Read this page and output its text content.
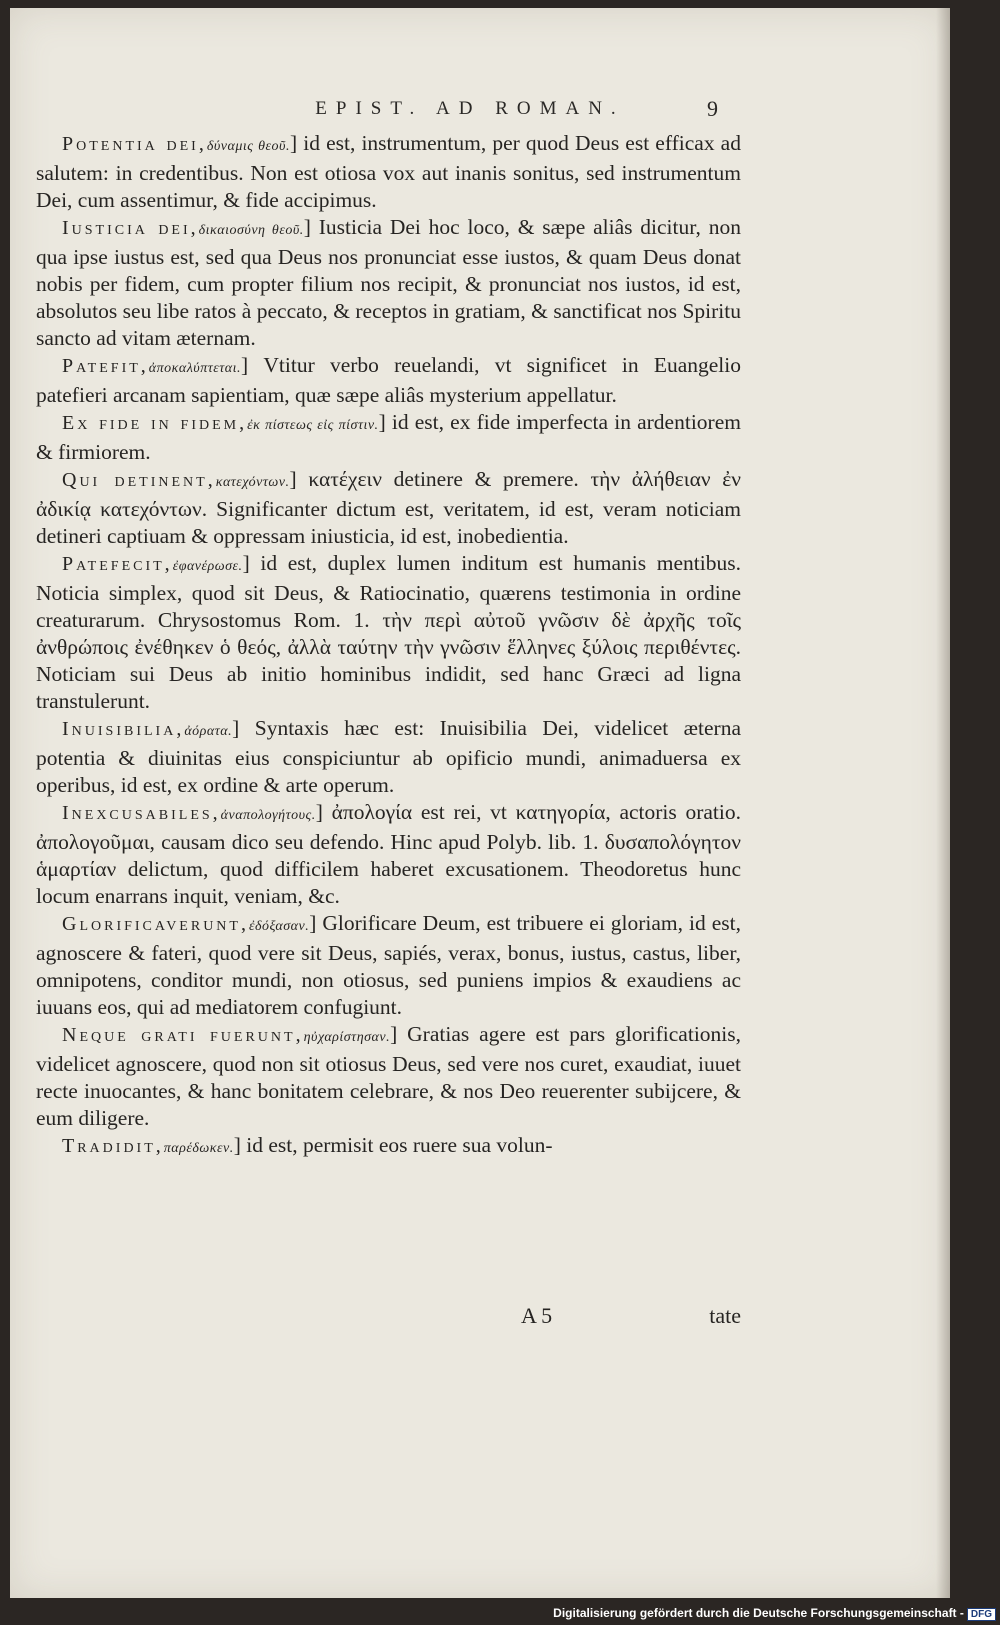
EPIST. AD ROMAN.	9

Potentia dei,δύναμις θεοῦ.] id est, instrumentum, per quod Deus est efficax ad salutem: in credentibus. Non est otiosa vox aut inanis sonitus, sed instrumentum Dei, cum assentimur, & fide accipimus.

Iusticia dei,δικαιοσύνη θεοῦ.] Iusticia Dei hoc loco, & sæpe aliâs dicitur, non qua ipse iustus est, sed qua Deus nos pronunciat esse iustos, & quam Deus donat nobis per fidem, cum propter filium nos recipit, & pronunciat nos iustos, id est, absolutos seu libe ratos à peccato, & receptos in gratiam, & sanctificat nos Spiritu sancto ad vitam æternam.

Patefit,ἀποκαλύπτεται.] Vtitur verbo reuelandi, vt significet in Euangelio patefieri arcanam sapientiam, quæ sæpe aliâs mysterium appellatur.

Ex fide in fidem,ἐκ πίστεως εἰς πίστιν.] id est, ex fide imperfecta in ardentiorem & firmiorem.

Qui detinent,κατεχόντων.] κατέχειν detinere & premere. τὴν ἀλήθειαν ἐν ἀδικίᾳ κατεχόντων. Significanter dictum est, veritatem, id est, veram noticiam detineri captiuam & oppressam iniusticia, id est, inobedientia.

Patefecit,ἐφανέρωσε.] id est, duplex lumen inditum est humanis mentibus. Noticia simplex, quod sit Deus, & Ratiocinatio, quærens testimonia in ordine creaturarum. Chrysostomus Rom. 1. τὴν περὶ αὐτοῦ γνῶσιν δὲ ἀρχῆς τοῖς ἀνθρώποις ἐνέθηκεν ὁ θεός, ἀλλὰ ταύτην τὴν γνῶσιν ἕλληνες ξύλοις περιθέντες. Noticiam sui Deus ab initio hominibus indidit, sed hanc Græci ad ligna transtulerunt.

Inuisibilia,ἀόρατα.] Syntaxis hæc est: Inuisibilia Dei, videlicet æterna potentia & diuinitas eius conspiciuntur ab opificio mundi, animaduersa ex operibus, id est, ex ordine & arte operum.

Inexcusabiles,ἀναπολογήτους.] ἀπολογία est rei, vt κατηγορία, actoris oratio. ἀπολογοῦμαι, causam dico seu defendo. Hinc apud Polyb. lib. 1. δυσαπολόγητον ἁμαρτίαν delictum, quod difficilem haberet excusationem. Theodoretus hunc locum enarrans inquit, veniam, &c.

Glorificaverunt,ἐδόξασαν.] Glorificare Deum, est tribuere ei gloriam, id est, agnoscere & fateri, quod vere sit Deus, sapiés, verax, bonus, iustus, castus, liber, omnipotens, conditor mundi, non otiosus, sed puniens impios & exaudiens ac iuuans eos, qui ad mediatorem confugiunt.

Neque grati fuerunt,ηὐχαρίστησαν.] Gratias agere est pars glorificationis, videlicet agnoscere, quod non sit otiosus Deus, sed vere nos curet, exaudiat, iuuet recte inuocantes, & hanc bonitatem celebrare, & nos Deo reuerenter subijcere, & eum diligere.

Tradidit,παρέδωκεν.] id est, permisit eos ruere sua volun-

A 5	tate
Digitalisierung gefördert durch die Deutsche Forschungsgemeinschaft - DFG
